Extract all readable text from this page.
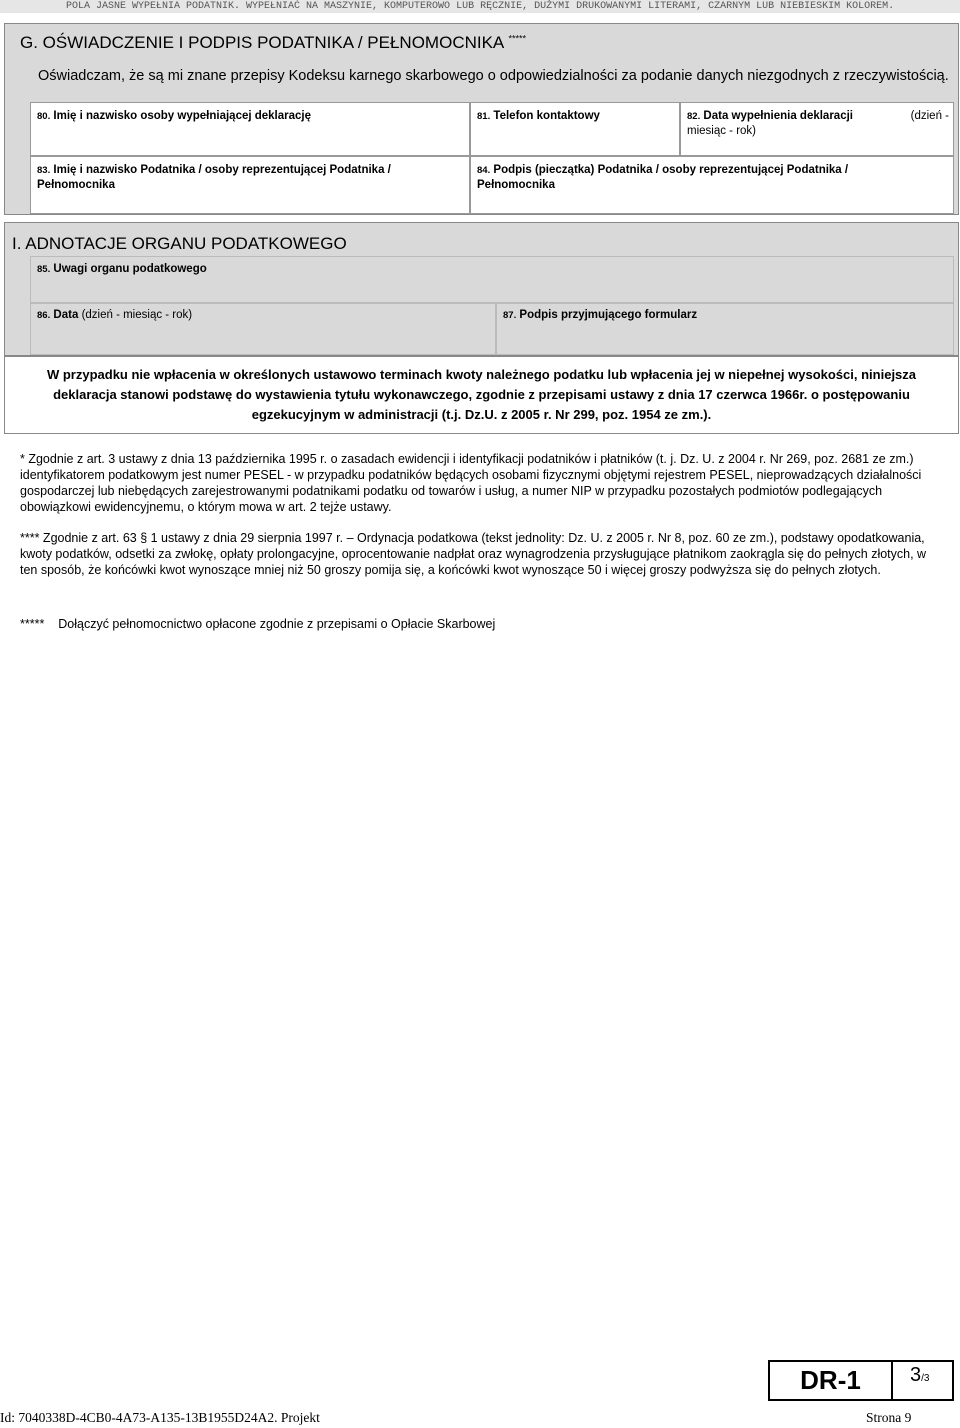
POLA JASNE WYPEŁNIA PODATNIK. WYPEŁNIAĆ NA MASZYNIE, KOMPUTEROWO LUB RĘCZNIE, DUŻYMI DRUKOWANYMI LITERAMI, CZARNYM LUB NIEBIESKIM KOLOREM.
G. OŚWIADCZENIE I PODPIS PODATNIKA / PEŁNOMOCNIKA *****
Oświadczam, że są mi znane przepisy Kodeksu karnego skarbowego o odpowiedzialności za podanie danych niezgodnych z rzeczywistością.
80. Imię i nazwisko osoby wypełniającej deklarację	81. Telefon kontaktowy	82. Data wypełnienia deklaracji	(dzień -

miesiąc - rok)
83. Imię i nazwisko Podatnika / osoby reprezentującej Podatnika /
Pełnomocnika
84. Podpis (pieczątka) Podatnika / osoby reprezentującej Podatnika /
Pełnomocnika
I. ADNOTACJE ORGANU PODATKOWEGO
85. Uwagi organu podatkowego
86. Data (dzień - miesiąc - rok)	87. Podpis przyjmującego formularz
W przypadku nie wpłacenia w określonych ustawowo terminach kwoty należnego podatku lub wpłacenia jej w niepełnej wysokości, niniejsza deklaracja stanowi podstawę do wystawienia tytułu wykonawczego, zgodnie z przepisami ustawy z dnia 17 czerwca 1966r. o postępowaniu egzekucyjnym w administracji (t.j. Dz.U. z 2005 r. Nr 299, poz. 1954 ze zm.).
* Zgodnie z art. 3 ustawy z dnia 13 października 1995 r. o zasadach ewidencji i identyfikacji podatników i płatników (t. j. Dz. U. z 2004 r. Nr 269, poz. 2681 ze zm.) identyfikatorem podatkowym jest numer PESEL - w przypadku podatników będących osobami fizycznymi objętymi rejestrem PESEL, nieprowadzących działalności gospodarczej lub niebędących zarejestrowanymi podatnikami podatku od towarów i usług, a numer NIP w przypadku pozostałych podmiotów podlegających obowiązkowi ewidencyjnemu, o którym mowa w art. 2 tejże ustawy.
**** Zgodnie z art. 63 § 1 ustawy z dnia 29 sierpnia 1997 r. – Ordynacja podatkowa (tekst jednolity: Dz. U. z 2005 r. Nr 8, poz. 60 ze zm.), podstawy opodatkowania, kwoty podatków, odsetki za zwłokę, opłaty prolongacyjne, oprocentowanie nadpłat oraz wynagrodzenia przysługujące płatnikom zaokrągla się do pełnych złotych, w ten sposób, że końcówki kwot wynoszące mniej niż 50 groszy pomija się, a końcówki kwot wynoszące 50 i więcej groszy podwyższa się do pełnych złotych.
***** Dołączyć pełnomocnictwo opłacone zgodnie z przepisami o Opłacie Skarbowej
DR-1	3/3
Id: 7040338D-4CB0-4A73-A135-13B1955D24A2. Projekt	Strona 9
